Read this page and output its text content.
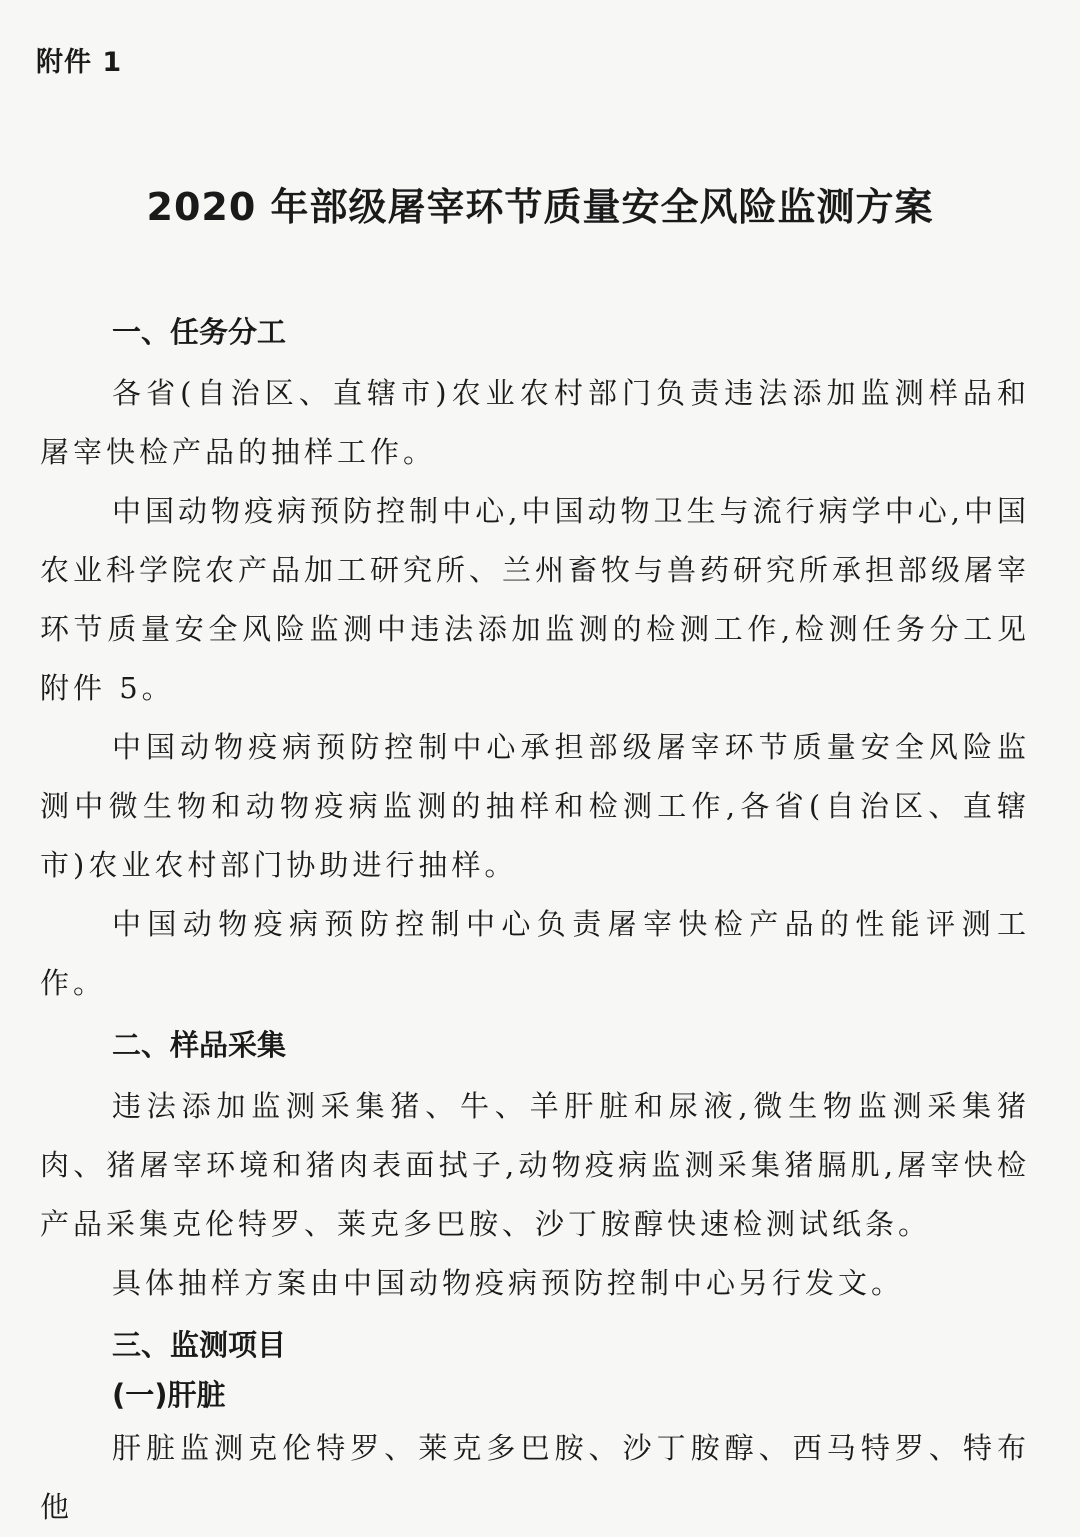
附件 1
2020 年部级屠宰环节质量安全风险监测方案
一、任务分工

各省(自治区、直辖市)农业农村部门负责违法添加监测样品和屠宰快检产品的抽样工作。

中国动物疫病预防控制中心,中国动物卫生与流行病学中心,中国农业科学院农产品加工研究所、兰州畜牧与兽药研究所承担部级屠宰环节质量安全风险监测中违法添加监测的检测工作,检测任务分工见附件 5。

中国动物疫病预防控制中心承担部级屠宰环节质量安全风险监测中微生物和动物疫病监测的抽样和检测工作,各省(自治区、直辖市)农业农村部门协助进行抽样。

中国动物疫病预防控制中心负责屠宰快检产品的性能评测工作。

二、样品采集

违法添加监测采集猪、牛、羊肝脏和尿液,微生物监测采集猪肉、猪屠宰环境和猪肉表面拭子,动物疫病监测采集猪膈肌,屠宰快检产品采集克伦特罗、莱克多巴胺、沙丁胺醇快速检测试纸条。

具体抽样方案由中国动物疫病预防控制中心另行发文。

三、监测项目
(一)肝脏

肝脏监测克伦特罗、莱克多巴胺、沙丁胺醇、西马特罗、特布他
